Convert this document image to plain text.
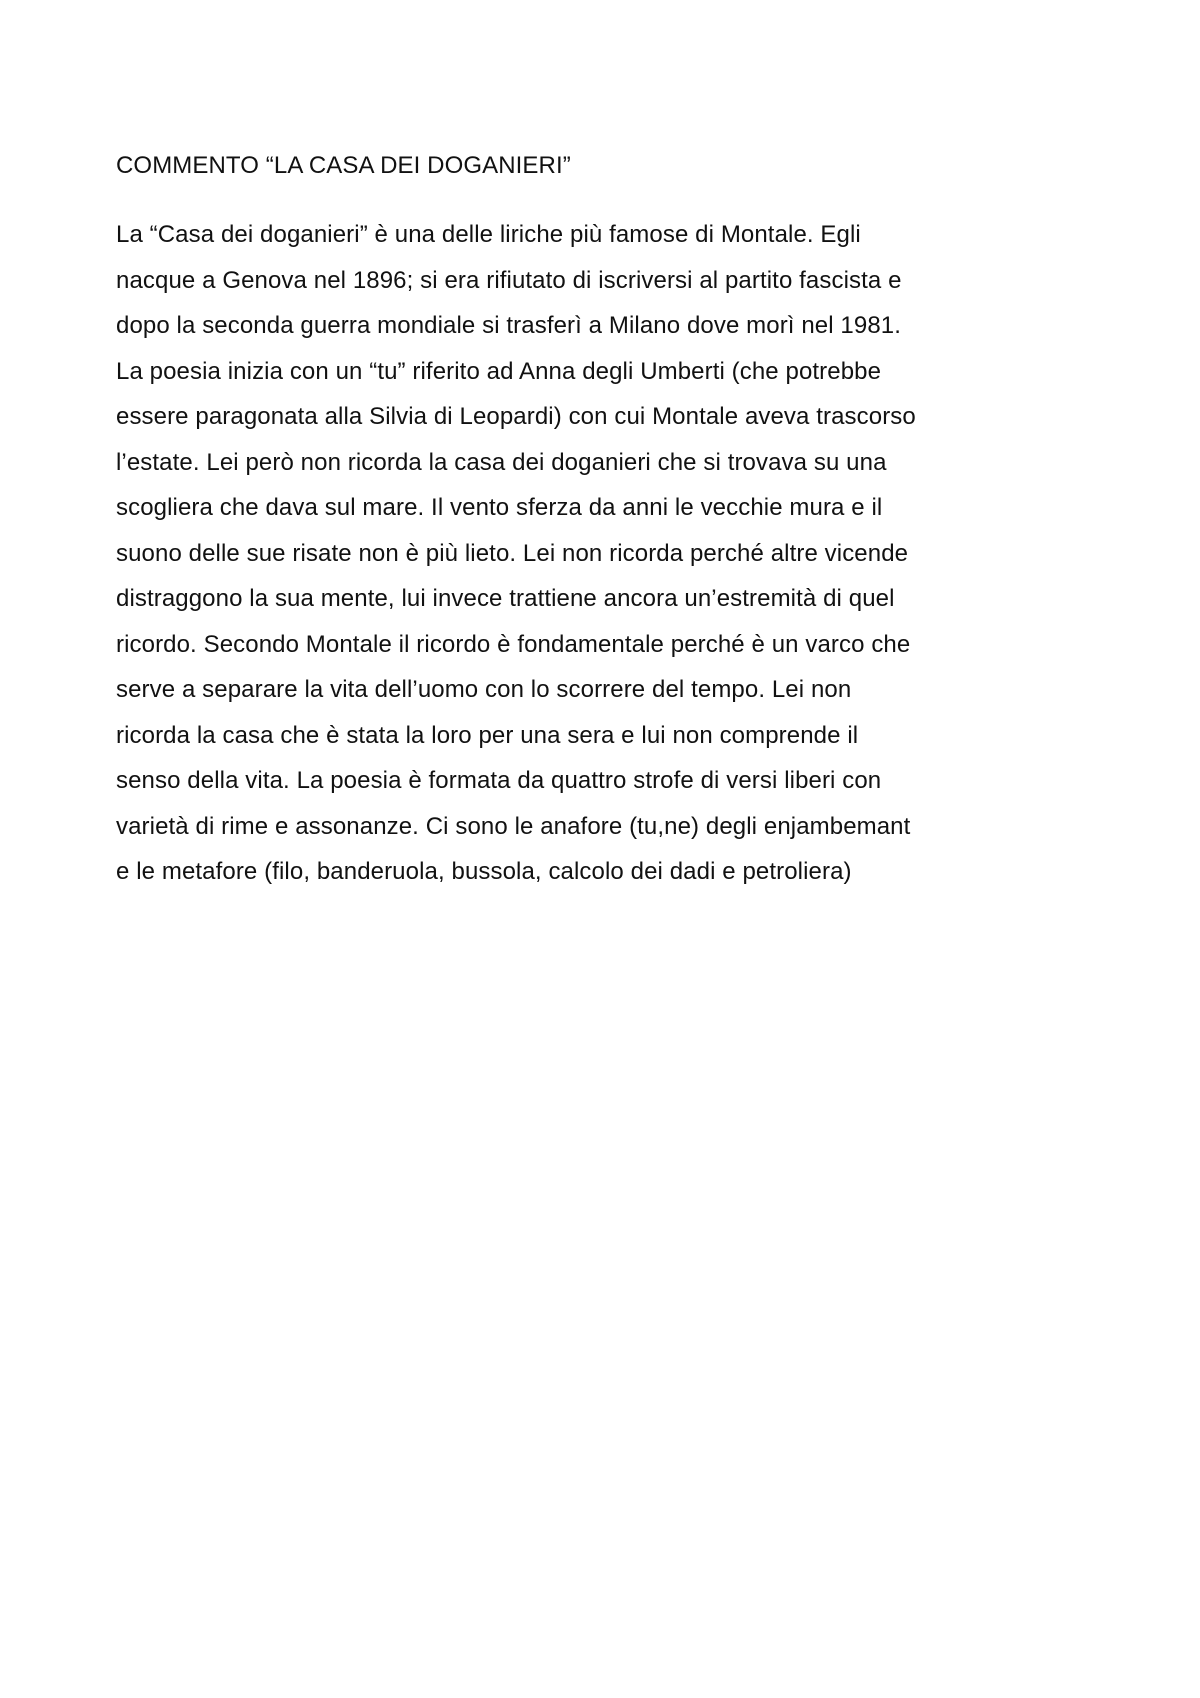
COMMENTO “LA CASA DEI DOGANIERI”
La “Casa dei doganieri” è una delle liriche più famose di Montale. Egli
nacque a Genova nel 1896; si era rifiutato di iscriversi al partito fascista e
dopo la seconda guerra mondiale si trasferì a Milano dove morì nel 1981.
La poesia inizia con un “tu” riferito ad Anna degli Umberti (che potrebbe
essere paragonata alla Silvia di Leopardi) con cui Montale aveva trascorso
l’estate. Lei però non ricorda la casa dei doganieri che si trovava su una
scogliera che dava sul mare. Il vento sferza da anni le vecchie mura e il
suono delle sue risate non è più lieto. Lei non ricorda perché altre vicende
distraggono la sua mente, lui invece trattiene ancora un’estremità di quel
ricordo. Secondo Montale il ricordo è fondamentale perché è un varco che
serve a separare la vita dell’uomo con lo scorrere del tempo. Lei non
ricorda la casa che è stata la loro per una sera e lui non comprende il
senso della vita. La poesia è formata da quattro strofe di versi liberi con
varietà di rime e assonanze. Ci sono le anafore (tu,ne) degli enjambemant
e le metafore (filo, banderuola, bussola, calcolo dei dadi e petroliera)
